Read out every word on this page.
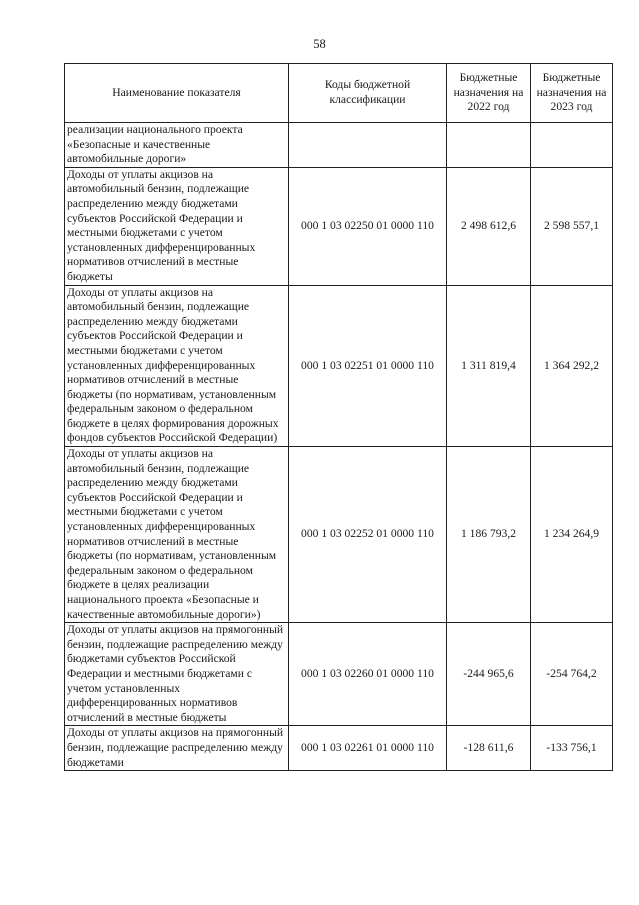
58
Наименование показателя	Коды бюджетной классификации	Бюджетные назначения на 2022 год	Бюджетные назначения на 2023 год
реализации национального проекта «Безопасные и качественные автомобильные дороги»			
Доходы от уплаты акцизов на автомобильный бензин, подлежащие распределению между бюджетами субъектов Российской Федерации и местными бюджетами с учетом установленных дифференцированных нормативов отчислений в местные бюджеты	000 1 03 02250 01 0000 110	2 498 612,6	2 598 557,1
Доходы от уплаты акцизов на автомобильный бензин, подлежащие распределению между бюджетами субъектов Российской Федерации и местными бюджетами с учетом установленных дифференцированных нормативов отчислений в местные бюджеты (по нормативам, установленным федеральным законом о федеральном бюджете в целях формирования дорожных фондов субъектов Российской Федерации)	000 1 03 02251 01 0000 110	1 311 819,4	1 364 292,2
Доходы от уплаты акцизов на автомобильный бензин, подлежащие распределению между бюджетами субъектов Российской Федерации и местными бюджетами с учетом установленных дифференцированных нормативов отчислений в местные бюджеты (по нормативам, установленным федеральным законом о федеральном бюджете в целях реализации национального проекта «Безопасные и качественные автомобильные дороги»)	000 1 03 02252 01 0000 110	1 186 793,2	1 234 264,9
Доходы от уплаты акцизов на прямогонный бензин, подлежащие распределению между бюджетами субъектов Российской Федерации и местными бюджетами с учетом установленных дифференцированных нормативов отчислений в местные бюджеты	000 1 03 02260 01 0000 110	-244 965,6	-254 764,2
Доходы от уплаты акцизов на прямогонный бензин, подлежащие распределению между бюджетами	000 1 03 02261 01 0000 110	-128 611,6	-133 756,1
